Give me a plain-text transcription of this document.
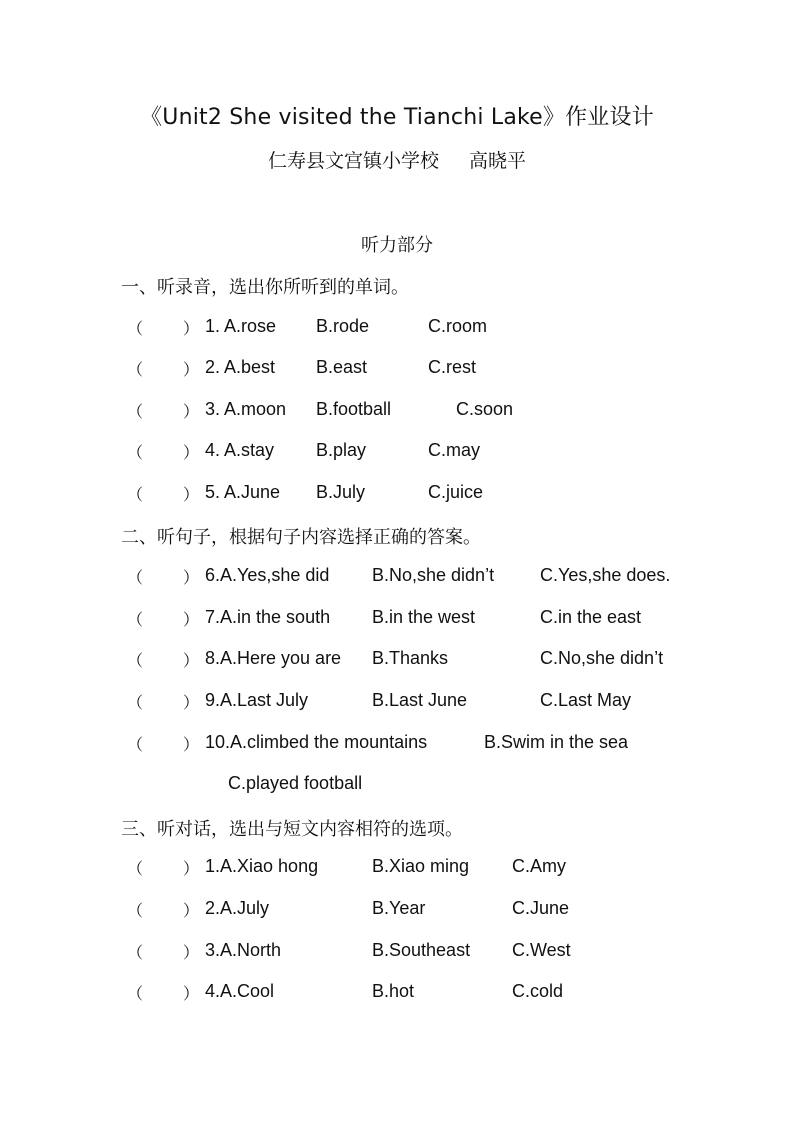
《Unit2 She visited the Tianchi Lake》作业设计
仁寿县文宫镇小学校 高晓平
听力部分
一、听录音，选出你所听到的单词。
（ ） 1. A.rose B.rode	C.room
（ ） 2. A.best B.east	C.rest
（ ） 3. A.moon B.football	C.soon
（ ） 4. A.stay B.play	C.may
（ ） 5. A.June B.July	C.juice
二、听句子，根据句子内容选择正确的答案。
（ ） 6.A.Yes,she did B.No,she didn’t	C.Yes,she does.
（ ） 7.A.in the south B.in the west	C.in the east
（ ） 8.A.Here you are B.Thanks	C.No,she didn’t
（ ） 9.A.Last July	B.Last June	C.Last May
（ ） 10.A.climbed the mountains	B.Swim in the sea
C.played football
三、听对话，选出与短文内容相符的选项。
（ ） 1.A.Xiao hong	B.Xiao ming C.Amy
（ ） 2.A.July	B.Year	C.June
（ ） 3.A.North	B.Southeast C.West
（ ） 4.A.Cool	B.hot	C.cold
